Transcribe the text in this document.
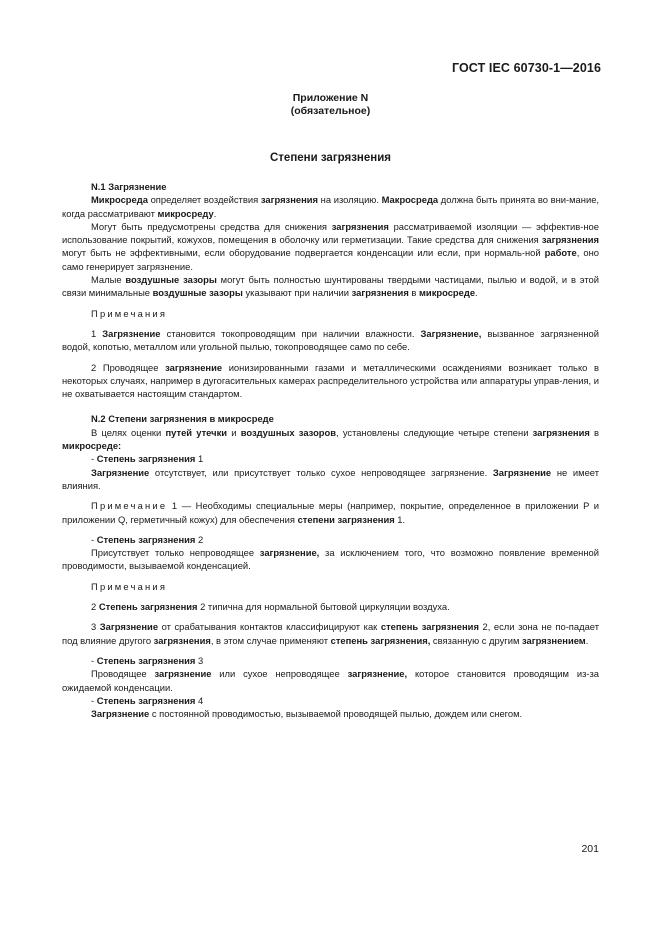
ГОСТ IEC 60730-1—2016
Приложение N
(обязательное)
Степени загрязнения
N.1 Загрязнение

Микросреда определяет воздействия загрязнения на изоляцию. Макросреда должна быть принята во вни-мание, когда рассматривают микросреду.

Могут быть предусмотрены средства для снижения загрязнения рассматриваемой изоляции — эффектив-ное использование покрытий, кожухов, помещения в оболочку или герметизации. Такие средства для снижения загрязнения могут быть не эффективными, если оборудование подвергается конденсации или если, при нормаль-ной работе, оно само генерирует загрязнение.

Малые воздушные зазоры могут быть полностью шунтированы твердыми частицами, пылью и водой, и в этой связи минимальные воздушные зазоры указывают при наличии загрязнения в микросреде.

Примечания

1 Загрязнение становится токопроводящим при наличии влажности. Загрязнение, вызванное загрязненной водой, копотью, металлом или угольной пылью, токопроводящее само по себе.

2 Проводящее загрязнение ионизированными газами и металлическими осаждениями возникает только в некоторых случаях, например в дугогасительных камерах распределительного устройства или аппаратуры управ-ления, и не охватывается настоящим стандартом.

N.2 Степени загрязнения в микросреде

В целях оценки путей утечки и воздушных зазоров, установлены следующие четыре степени загрязнения в микросреде:

- Степень загрязнения 1

Загрязнение отсутствует, или присутствует только сухое непроводящее загрязнение. Загрязнение не имеет влияния.

Примечание 1 — Необходимы специальные меры (например, покрытие, определенное в приложении P и приложении Q, герметичный кожух) для обеспечения степени загрязнения 1.

- Степень загрязнения 2

Присутствует только непроводящее загрязнение, за исключением того, что возможно появление временной проводимости, вызываемой конденсацией.

Примечания

2 Степень загрязнения 2 типична для нормальной бытовой циркуляции воздуха.

3 Загрязнение от срабатывания контактов классифицируют как степень загрязнения 2, если зона не по-падает под влияние другого загрязнения, в этом случае применяют степень загрязнения, связанную с другим загрязнением.

- Степень загрязнения 3

Проводящее загрязнение или сухое непроводящее загрязнение, которое становится проводящим из-за ожидаемой конденсации.

- Степень загрязнения 4

Загрязнение с постоянной проводимостью, вызываемой проводящей пылью, дождем или снегом.

201
